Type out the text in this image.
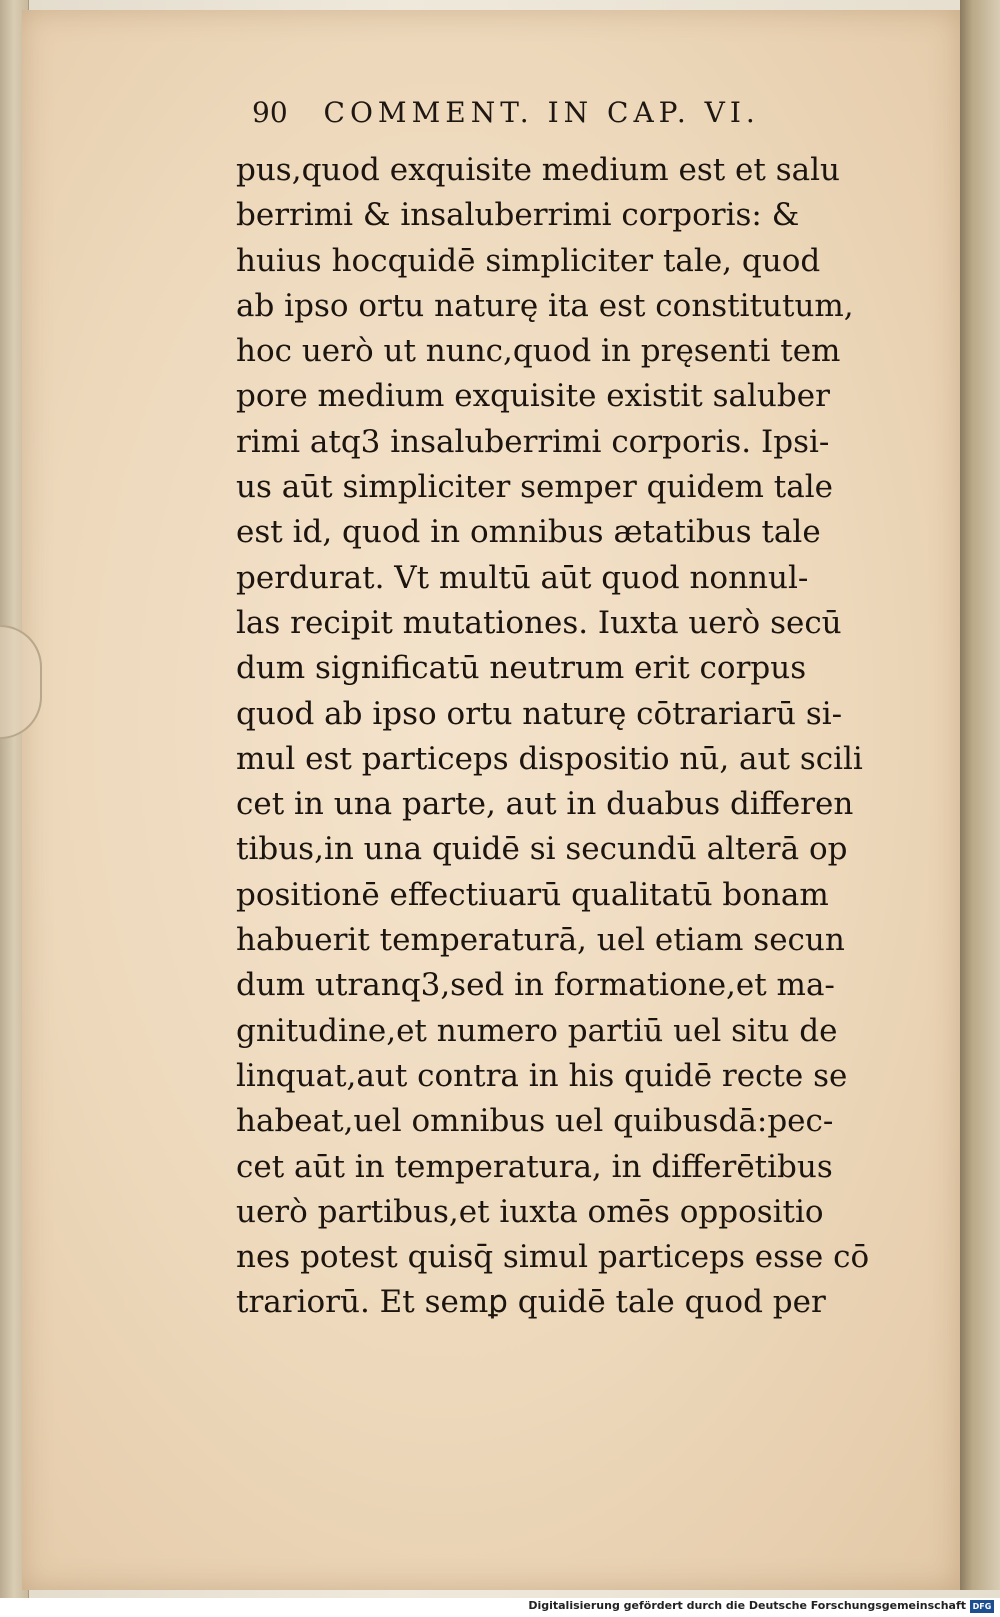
90 COMMENT. IN CAP. VI.
pus,quod exquisite medium est et salu
berrimi & insaluberrimi corporis: &
huius hocquidē simpliciter tale, quod
ab ipso ortu naturę ita est constitutum,
hoc uerò ut nunc,quod in pręsenti tem
pore medium exquisite existit saluber
rimi atq3 insaluberrimi corporis. Ipsi-
us aūt simpliciter semper quidem tale
est id, quod in omnibus ætatibus tale
perdurat. Vt multū aūt quod nonnul-
las recipit mutationes. Iuxta uerò secū
dum significatū neutrum erit corpus
quod ab ipso ortu naturę cōtrariarū si-
mul est particeps dispositio nū, aut scili
cet in una parte, aut in duabus differen
tibus,in una quidē si secundū alterā op
positionē effectiuarū qualitatū bonam
habuerit temperaturā, uel etiam secun
dum utranq3,sed in formatione,et ma-
gnitudine,et numero partiū uel situ de
linquat,aut contra in his quidē recte se
habeat,uel omnibus uel quibusdā:pec-
cet aūt in temperatura, in differētibus
uerò partibus,et iuxta omēs oppositio
nes potest quisq̄ simul particeps esse cō
trariorū. Et semꝑ quidē tale quod per
Digitalisierung gefördert durch die Deutsche Forschungsgemeinschaft DFG
